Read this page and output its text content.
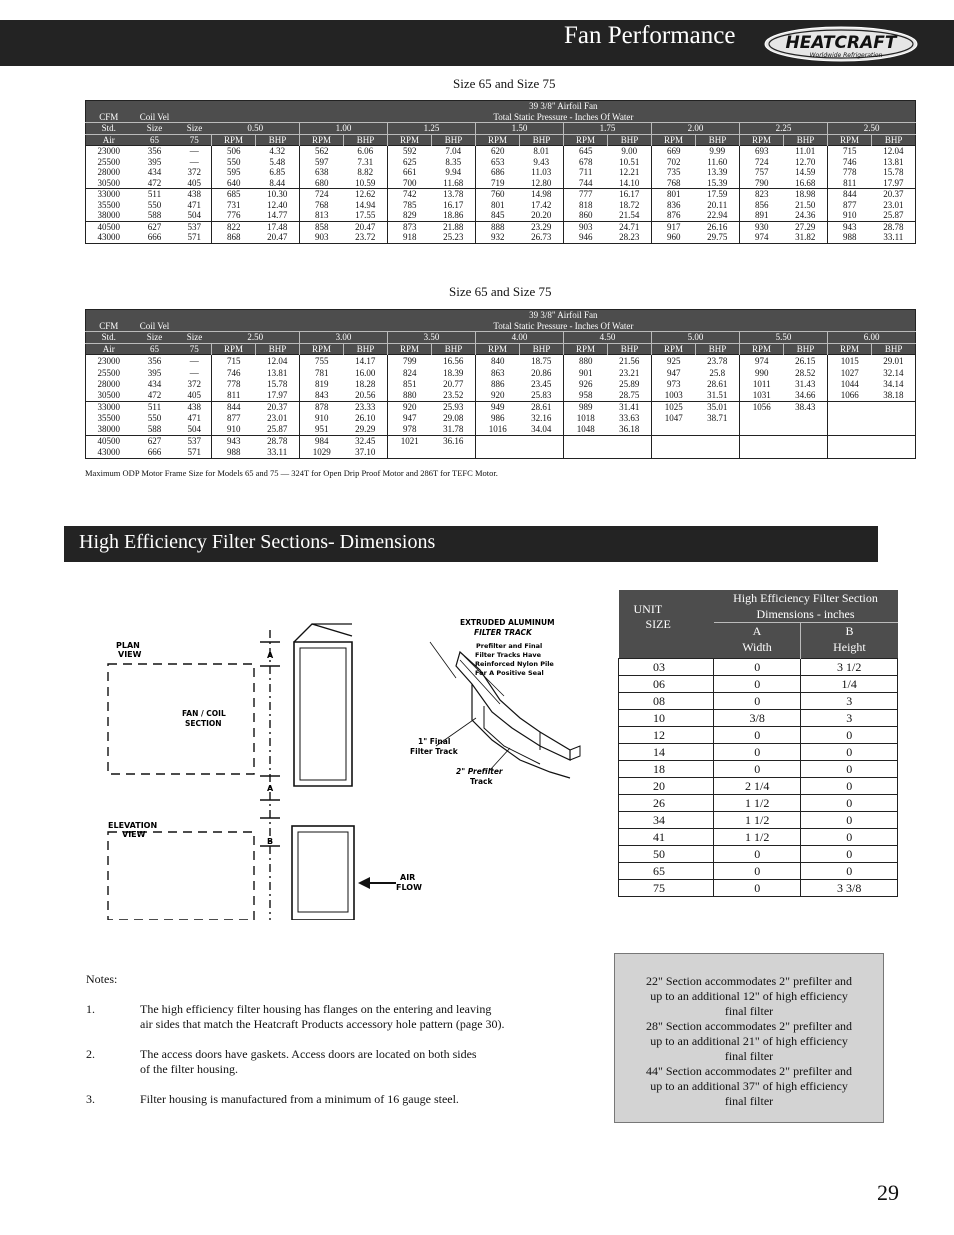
Fan Performance	HEATCRAFT
Worldwide Refrigeration
Size 65 and Size 75
			39 3/8" Airfoil Fan															
CFM	Coil Vel		Total Static Pressure - Inches Of Water															
Std.	Size	Size	0.50		1.00		1.25		1.50		1.75		2.00		2.25		2.50	
Air	65	75	RPM	BHP	RPM	BHP	RPM	BHP	RPM	BHP	RPM	BHP	RPM	BHP	RPM	BHP	RPM	BHP
23000	356	—	506	4.32	562	6.06	592	7.04	620	8.01	645	9.00	669	9.99	693	11.01	715	12.04
25500	395	—	550	5.48	597	7.31	625	8.35	653	9.43	678	10.51	702	11.60	724	12.70	746	13.81
28000	434	372	595	6.85	638	8.82	661	9.94	686	11.03	711	12.21	735	13.39	757	14.59	778	15.78
30500	472	405	640	8.44	680	10.59	700	11.68	719	12.80	744	14.10	768	15.39	790	16.68	811	17.97
33000	511	438	685	10.30	724	12.62	742	13.78	760	14.98	777	16.17	801	17.59	823	18.98	844	20.37
35500	550	471	731	12.40	768	14.94	785	16.17	801	17.42	818	18.72	836	20.11	856	21.50	877	23.01
38000	588	504	776	14.77	813	17.55	829	18.86	845	20.20	860	21.54	876	22.94	891	24.36	910	25.87
40500	627	537	822	17.48	858	20.47	873	21.88	888	23.29	903	24.71	917	26.16	930	27.29	943	28.78
43000	666	571	868	20.47	903	23.72	918	25.23	932	26.73	946	28.23	960	29.75	974	31.82	988	33.11
Size 65 and Size 75
			39 3/8" Airfoil Fan															
CFM	Coil Vel		Total Static Pressure - Inches Of Water															
Std.	Size	Size	2.50		3.00		3.50		4.00		4.50		5.00		5.50		6.00	
Air	65	75	RPM	BHP	RPM	BHP	RPM	BHP	RPM	BHP	RPM	BHP	RPM	BHP	RPM	BHP	RPM	BHP
23000	356	—	715	12.04	755	14.17	799	16.56	840	18.75	880	21.56	925	23.78	974	26.15	1015	29.01
25500	395	—	746	13.81	781	16.00	824	18.39	863	20.86	901	23.21	947	25.8	990	28.52	1027	32.14
28000	434	372	778	15.78	819	18.28	851	20.77	886	23.45	926	25.89	973	28.61	1011	31.43	1044	34.14
30500	472	405	811	17.97	843	20.56	880	23.52	920	25.83	958	28.75	1003	31.51	1031	34.66	1066	38.18
33000	511	438	844	20.37	878	23.33	920	25.93	949	28.61	989	31.41	1025	35.01	1056	38.43		
35500	550	471	877	23.01	910	26.10	947	29.08	986	32.16	1018	33.63	1047	38.71				
38000	588	504	910	25.87	951	29.29	978	31.78	1016	34.04	1048	36.18						
40500	627	537	943	28.78	984	32.45	1021	36.16										
43000	666	571	988	33.11	1029	37.10												
Maximum ODP Motor Frame Size for Models 65 and 75 — 324T for Open Drip Proof Motor and 286T for TEFC Motor.
High Efficiency Filter Sections- Dimensions
PLAN
VIEW
FAN / COIL
SECTION
ELEVATION
VIEW
AIR
FLOW
A
A
B
EXTRUDED ALUMINUM
FILTER TRACK
Prefilter and Final
Filter Tracks Have
Reinforced Nylon Pile
For A Positive Seal
1" Final
Filter Track
2" Prefilter
Track
UNIT
SIZE	High Efficiency Filter Section	
	Dimensions - inches	
	A	B
	Width	Height
03	0	3 1/2
06	0	1/4
08	0	3
10	3/8	3
12	0	0
14	0	0
18	0	0
20	2 1/4	0
26	1 1/2	0
34	1 1/2	0
41	1 1/2	0
50	0	0
65	0	0
75	0	3 3/8
Notes:
1.	The high efficiency filter housing has flanges on the entering and leaving
air sides that match the Heatcraft Products accessory hole pattern (page 30).
2.	The access doors have gaskets. Access doors are located on both sides
of the filter housing.
3.	Filter housing is manufactured from a minimum of 16 gauge steel.
22" Section accommodates 2" prefilter and
up to an additional 12" of high efficiency
final filter
28" Section accommodates 2" prefilter and
up to an additional 21" of high efficiency
final filter
44" Section accommodates 2" prefilter and
up to an additional 37" of high efficiency
final filter
29
